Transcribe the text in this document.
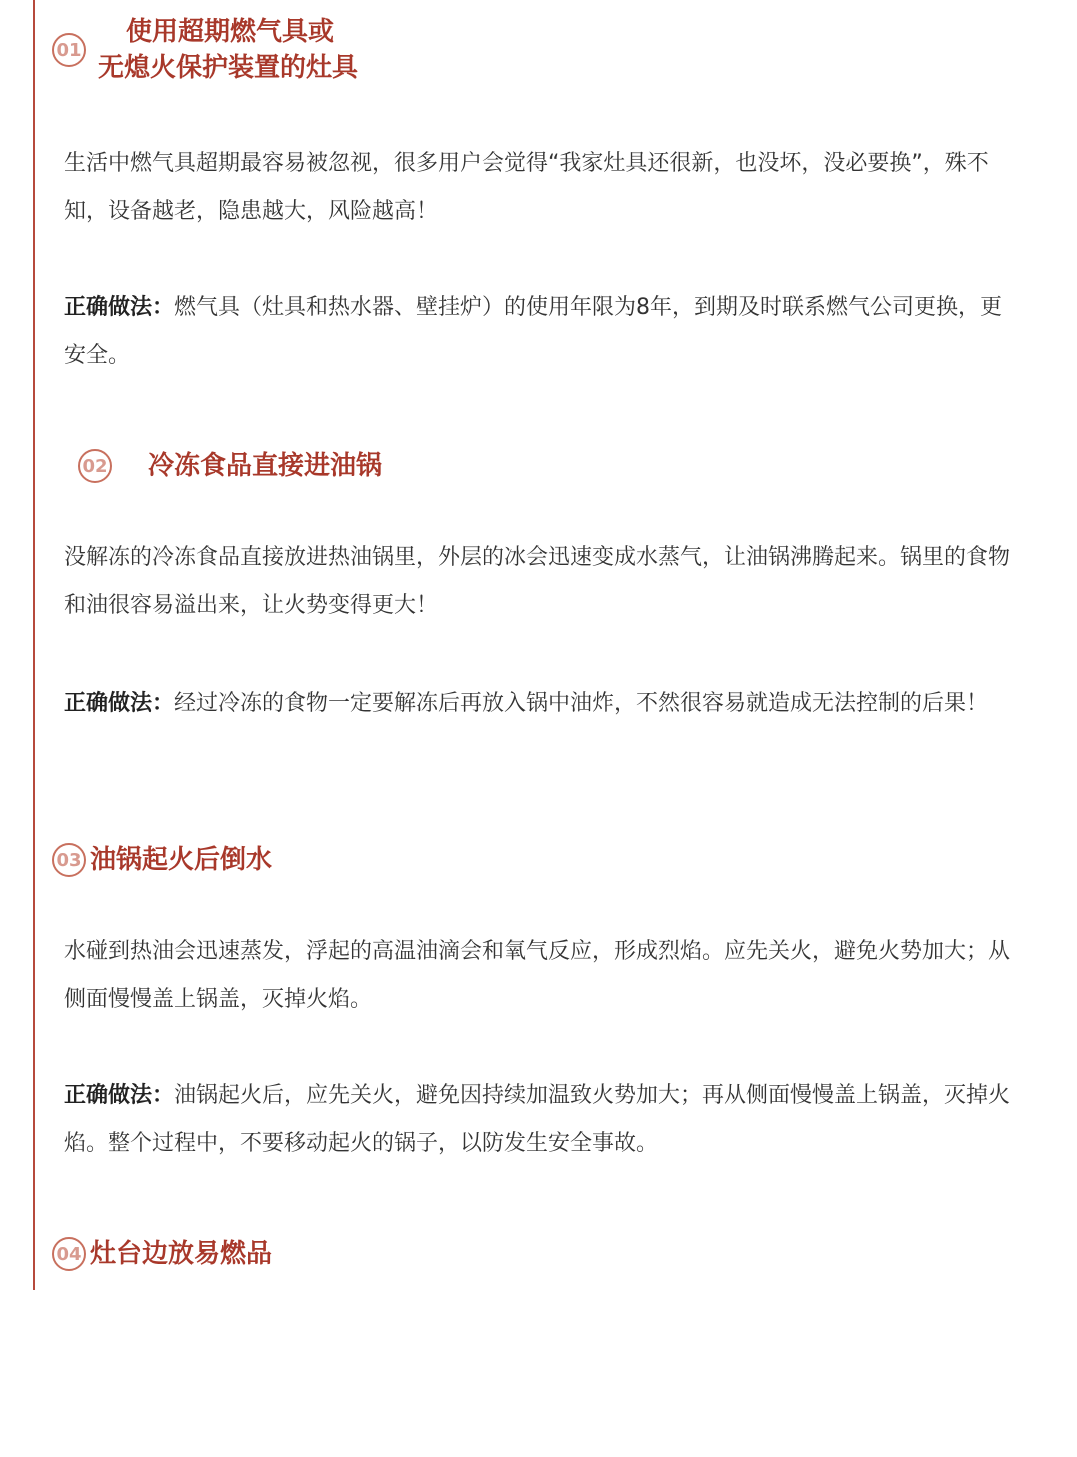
01
使用超期燃气具或
无熄火保护装置的灶具

生活中燃气具超期最容易被忽视，很多用户会觉得“我家灶具还很新，也没坏，没必要换”，殊不知，设备越老，隐患越大，风险越高！

正确做法：燃气具（灶具和热水器、壁挂炉）的使用年限为8年，到期及时联系燃气公司更换，更安全。

02 冷冻食品直接进油锅

没解冻的冷冻食品直接放进热油锅里，外层的冰会迅速变成水蒸气，让油锅沸腾起来。锅里的食物和油很容易溢出来，让火势变得更大！

正确做法：经过冷冻的食物一定要解冻后再放入锅中油炸，不然很容易就造成无法控制的后果！

03 油锅起火后倒水

水碰到热油会迅速蒸发，浮起的高温油滴会和氧气反应，形成烈焰。应先关火，避免火势加大；从侧面慢慢盖上锅盖，灭掉火焰。

正确做法：油锅起火后，应先关火，避免因持续加温致火势加大；再从侧面慢慢盖上锅盖，灭掉火焰。整个过程中，不要移动起火的锅子，以防发生安全事故。

04 灶台边放易燃品
